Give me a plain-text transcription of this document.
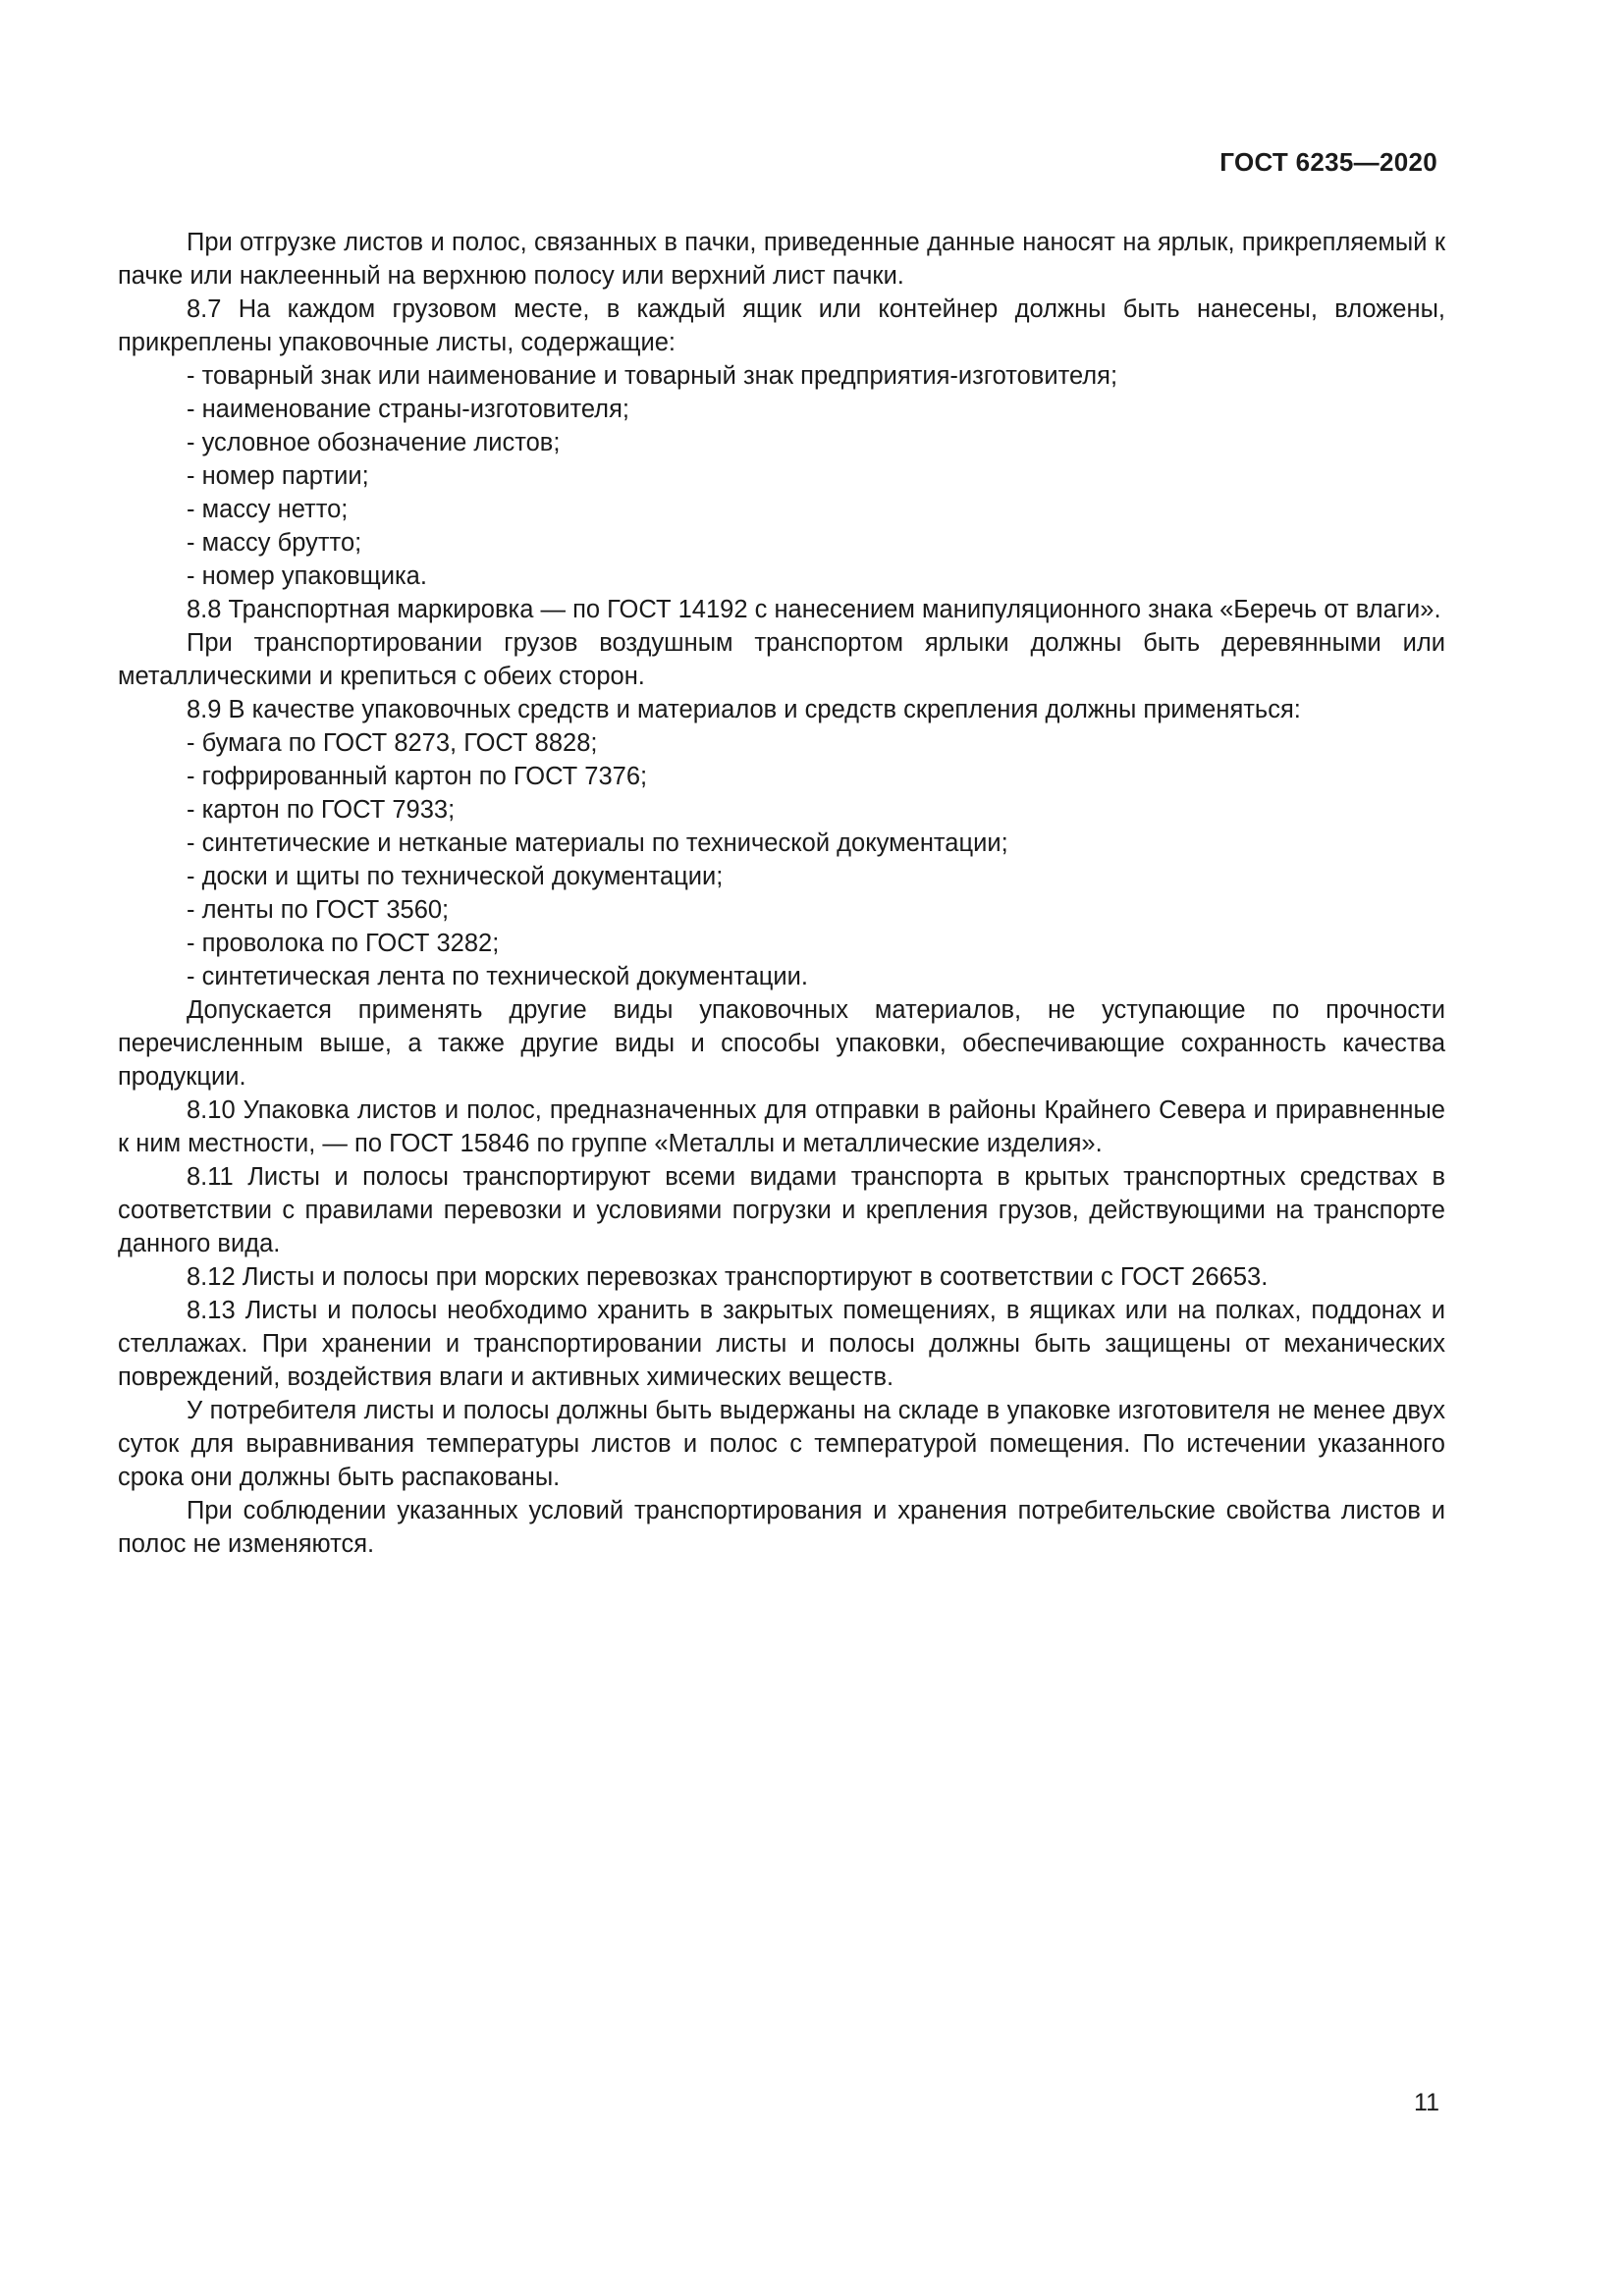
ГОСТ 6235—2020

При отгрузке листов и полос, связанных в пачки, приведенные данные наносят на ярлык, прикрепляемый к пачке или наклеенный на верхнюю полосу или верхний лист пачки.

8.7 На каждом грузовом месте, в каждый ящик или контейнер должны быть нанесены, вложены, прикреплены упаковочные листы, содержащие:

- товарный знак или наименование и товарный знак предприятия-изготовителя;

- наименование страны-изготовителя;

- условное обозначение листов;

- номер партии;

- массу нетто;

- массу брутто;

- номер упаковщика.

8.8 Транспортная маркировка — по ГОСТ 14192 с нанесением манипуляционного знака «Беречь от влаги».

При транспортировании грузов воздушным транспортом ярлыки должны быть деревянными или металлическими и крепиться с обеих сторон.

8.9 В качестве упаковочных средств и материалов и средств скрепления должны применяться:

- бумага по ГОСТ 8273, ГОСТ 8828;

- гофрированный картон по ГОСТ 7376;

- картон по ГОСТ 7933;

- синтетические и нетканые материалы по технической документации;

- доски и щиты по технической документации;

- ленты по ГОСТ 3560;

- проволока по ГОСТ 3282;

- синтетическая лента по технической документации.

Допускается применять другие виды упаковочных материалов, не уступающие по прочности перечисленным выше, а также другие виды и способы упаковки, обеспечивающие сохранность качества продукции.

8.10 Упаковка листов и полос, предназначенных для отправки в районы Крайнего Севера и приравненные к ним местности, — по ГОСТ 15846 по группе «Металлы и металлические изделия».

8.11 Листы и полосы транспортируют всеми видами транспорта в крытых транспортных средствах в соответствии с правилами перевозки и условиями погрузки и крепления грузов, действующими на транспорте данного вида.

8.12 Листы и полосы при морских перевозках транспортируют в соответствии с ГОСТ 26653.

8.13 Листы и полосы необходимо хранить в закрытых помещениях, в ящиках или на полках, поддонах и стеллажах. При хранении и транспортировании листы и полосы должны быть защищены от механических повреждений, воздействия влаги и активных химических веществ.

У потребителя листы и полосы должны быть выдержаны на складе в упаковке изготовителя не менее двух суток для выравнивания температуры листов и полос с температурой помещения. По истечении указанного срока они должны быть распакованы.

При соблюдении указанных условий транспортирования и хранения потребительские свойства листов и полос не изменяются.

11
